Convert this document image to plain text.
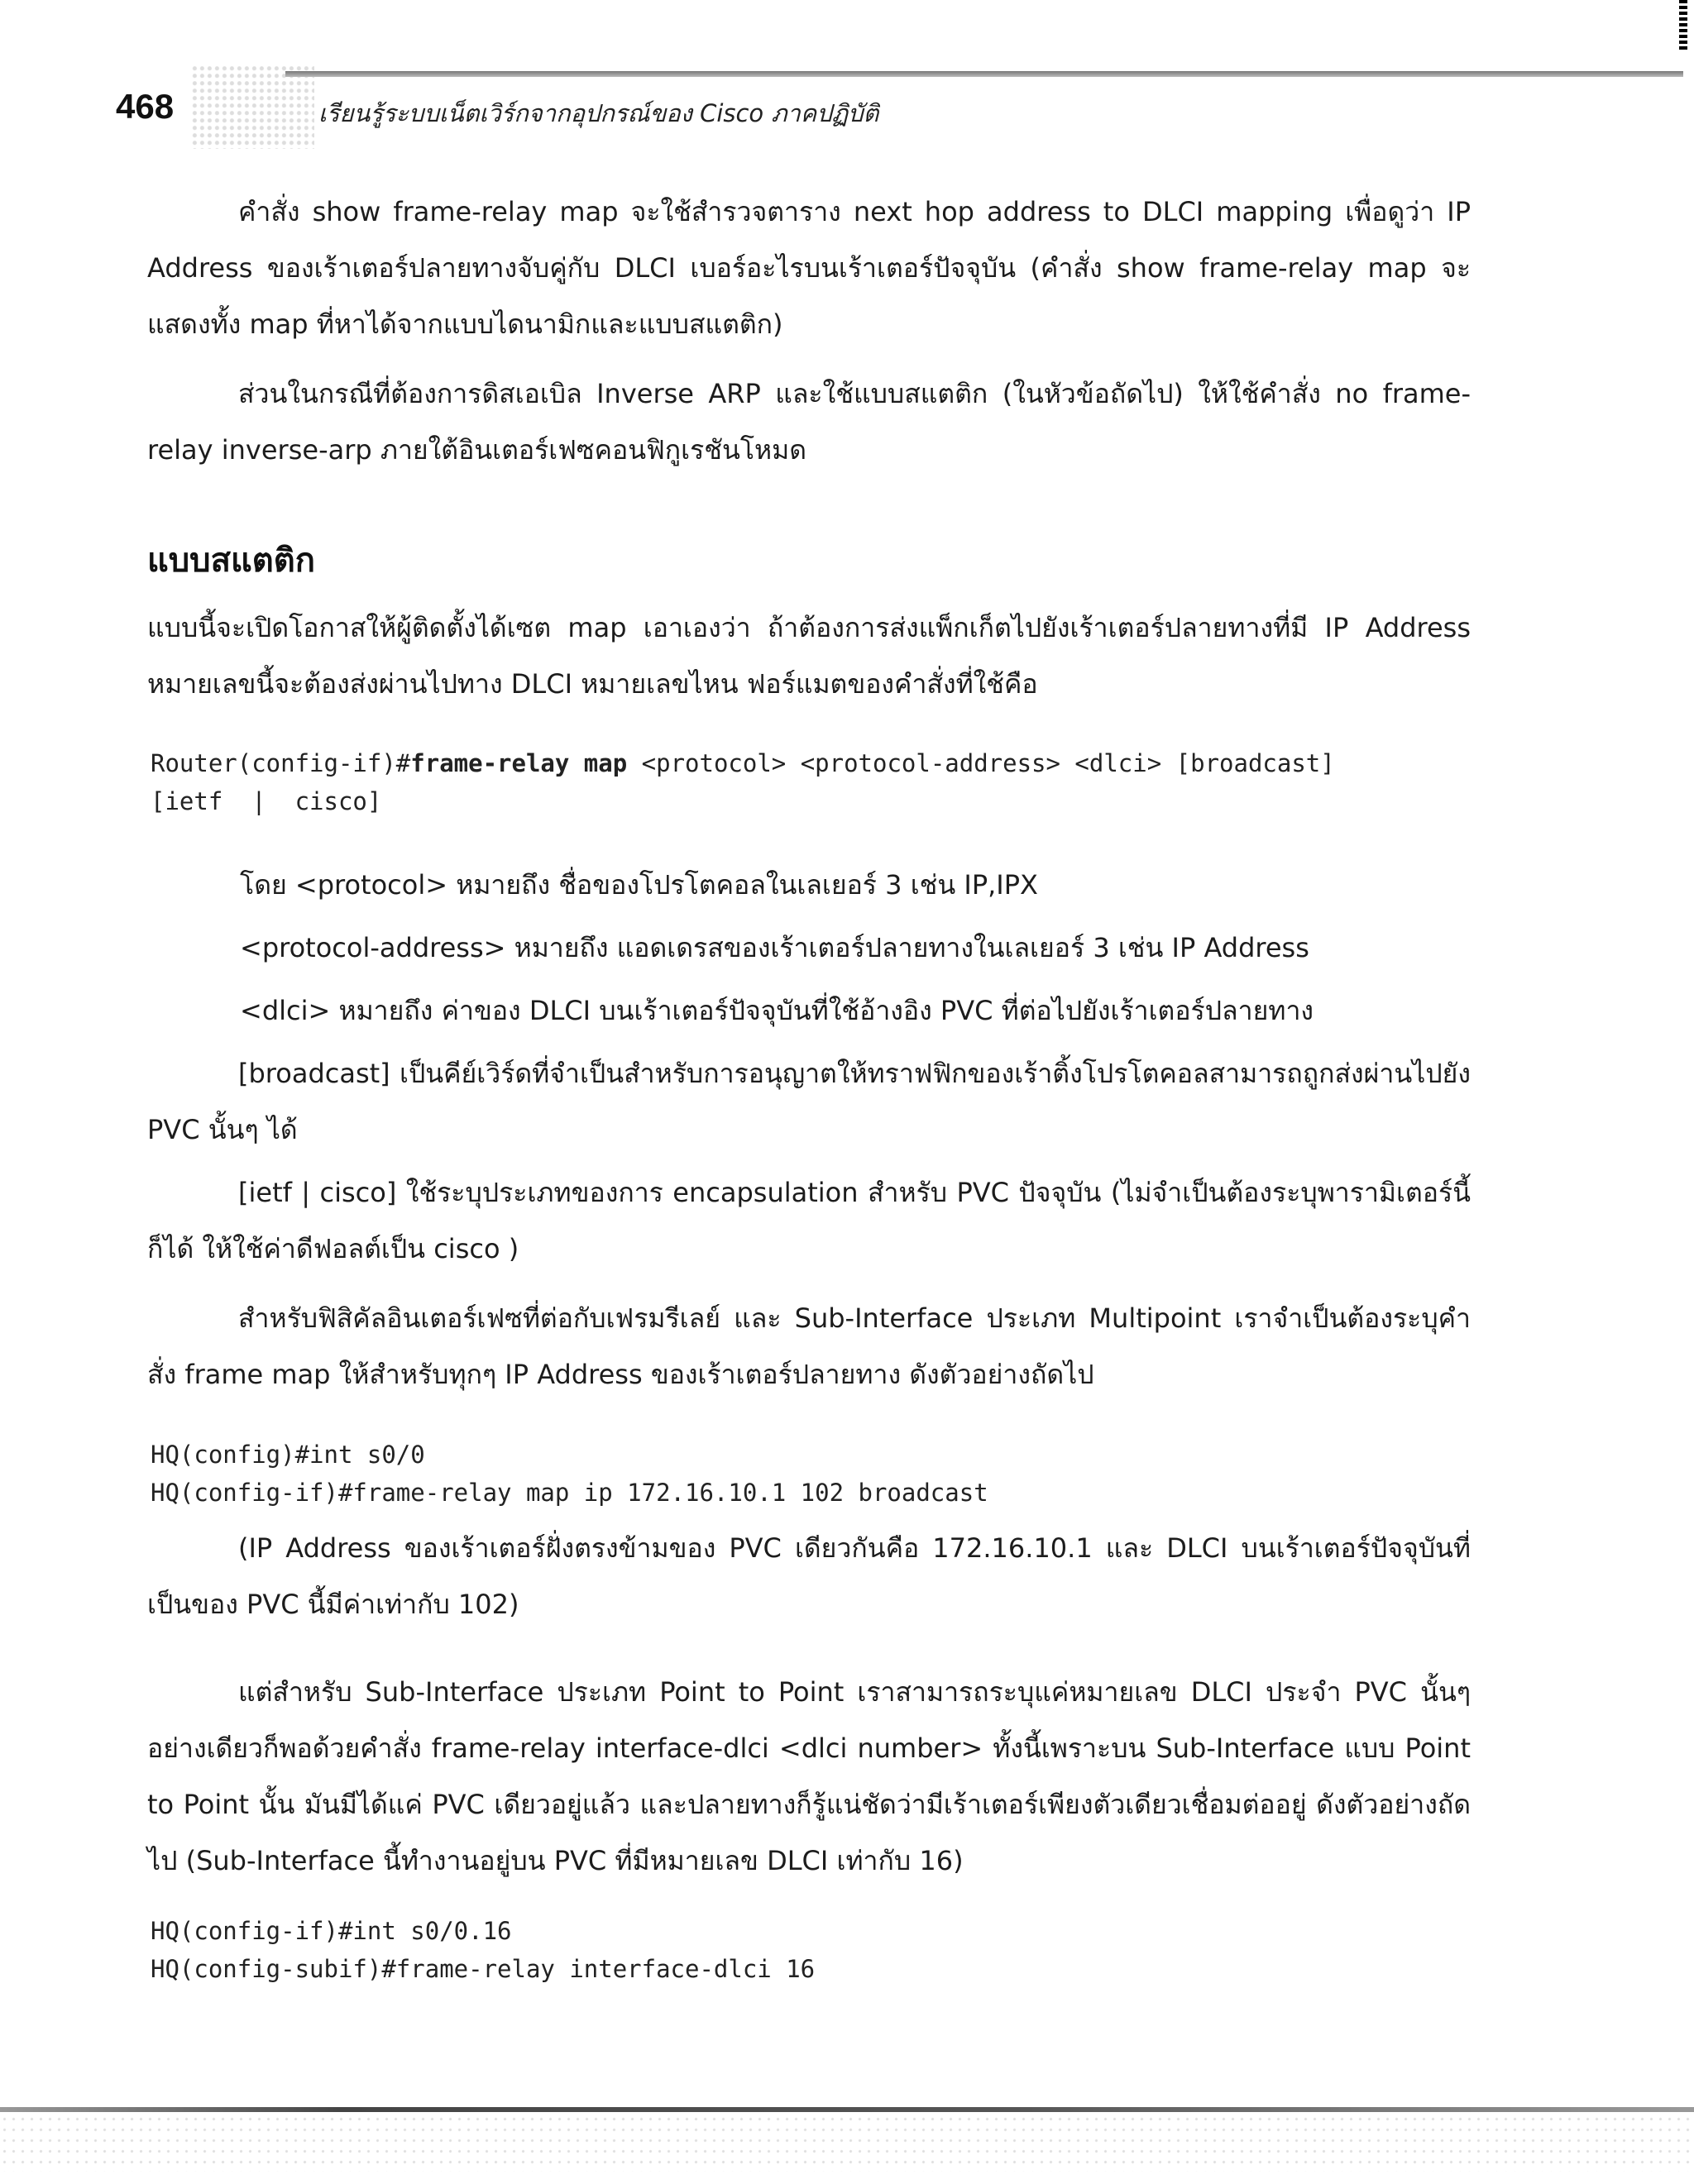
468	เรียนรู้ระบบเน็ตเวิร์กจากอุปกรณ์ของ Cisco ภาคปฏิบัติ
คำสั่ง show frame-relay map จะใช้สำรวจตาราง next hop address to DLCI mapping เพื่อดูว่า IP Address ของเร้าเตอร์ปลายทางจับคู่กับ DLCI เบอร์อะไรบนเร้าเตอร์ปัจจุบัน (คำสั่ง show frame-relay map จะแสดงทั้ง map ที่หาได้จากแบบไดนามิกและแบบสแตติก)
ส่วนในกรณีที่ต้องการดิสเอเบิล Inverse ARP และใช้แบบสแตติก (ในหัวข้อถัดไป) ให้ใช้คำสั่ง no frame-relay inverse-arp ภายใต้อินเตอร์เฟซคอนฟิกูเรชันโหมด
แบบสแตติก
แบบนี้จะเปิดโอกาสให้ผู้ติดตั้งได้เซต map เอาเองว่า ถ้าต้องการส่งแพ็กเก็ตไปยังเร้าเตอร์ปลายทางที่มี IP Address หมายเลขนี้จะต้องส่งผ่านไปทาง DLCI หมายเลขไหน ฟอร์แมตของคำสั่งที่ใช้คือ
Router(config-if)#frame-relay map <protocol> <protocol-address> <dlci> [broadcast]
[ietf  |  cisco]
โดย <protocol> หมายถึง ชื่อของโปรโตคอลในเลเยอร์ 3 เช่น IP,IPX
<protocol-address> หมายถึง แอดเดรสของเร้าเตอร์ปลายทางในเลเยอร์ 3 เช่น IP Address
<dlci> หมายถึง ค่าของ DLCI บนเร้าเตอร์ปัจจุบันที่ใช้อ้างอิง PVC ที่ต่อไปยังเร้าเตอร์ปลายทาง
[broadcast] เป็นคีย์เวิร์ดที่จำเป็นสำหรับการอนุญาตให้ทราฟฟิกของเร้าติ้งโปรโตคอลสามารถถูกส่งผ่านไปยัง PVC นั้นๆ ได้
[ietf | cisco] ใช้ระบุประเภทของการ encapsulation สำหรับ PVC ปัจจุบัน (ไม่จำเป็นต้องระบุพารามิเตอร์นี้ก็ได้ ให้ใช้ค่าดีฟอลต์เป็น cisco )
สำหรับฟิสิคัลอินเตอร์เฟซที่ต่อกับเฟรมรีเลย์ และ Sub-Interface ประเภท Multipoint เราจำเป็นต้องระบุคำสั่ง frame map ให้สำหรับทุกๆ IP Address ของเร้าเตอร์ปลายทาง ดังตัวอย่างถัดไป
HQ(config)#int s0/0
HQ(config-if)#frame-relay map ip 172.16.10.1 102 broadcast
(IP Address ของเร้าเตอร์ฝั่งตรงข้ามของ PVC เดียวกันคือ 172.16.10.1 และ DLCI บนเร้าเตอร์ปัจจุบันที่เป็นของ PVC นี้มีค่าเท่ากับ 102)
แต่สำหรับ Sub-Interface ประเภท Point to Point เราสามารถระบุแค่หมายเลข DLCI ประจำ PVC นั้นๆ อย่างเดียวก็พอด้วยคำสั่ง frame-relay interface-dlci <dlci number> ทั้งนี้เพราะบน Sub-Interface แบบ Point to Point นั้น มันมีได้แค่ PVC เดียวอยู่แล้ว และปลายทางก็รู้แน่ชัดว่ามีเร้าเตอร์เพียงตัวเดียวเชื่อมต่ออยู่ ดังตัวอย่างถัดไป (Sub-Interface นี้ทำงานอยู่บน PVC ที่มีหมายเลข DLCI เท่ากับ 16)
HQ(config-if)#int s0/0.16
HQ(config-subif)#frame-relay interface-dlci 16
